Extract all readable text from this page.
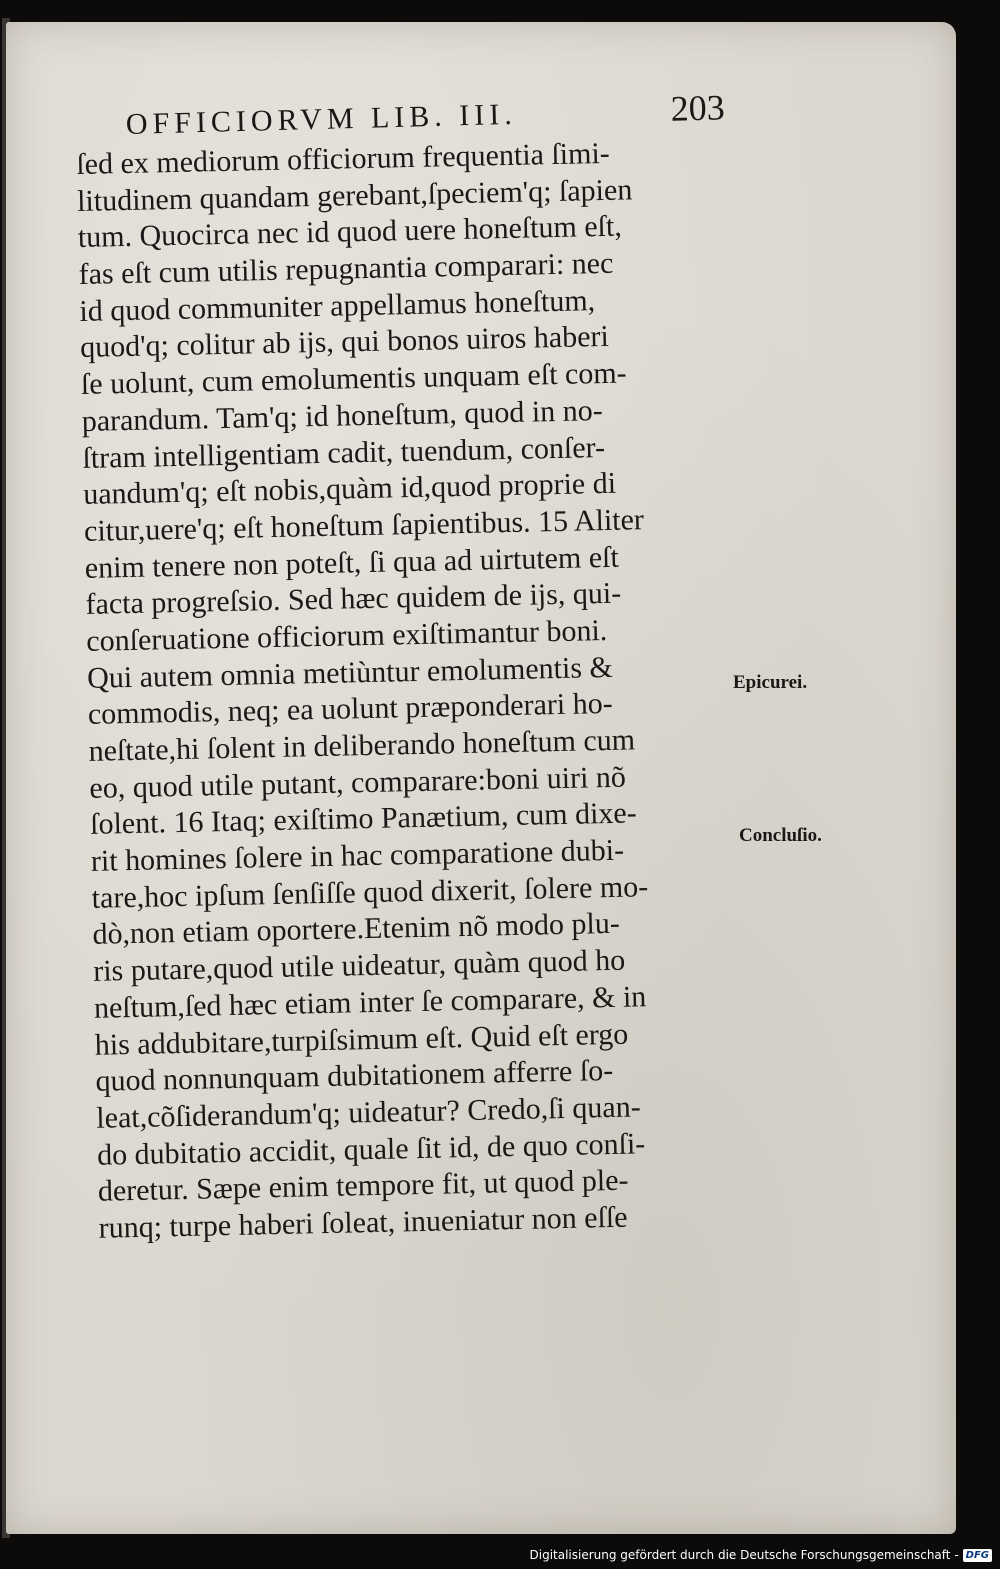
OFFICIORVM LIB. III.	203
ſed ex mediorum officiorum frequentia ſimi-
litudinem quandam gerebant,ſpeciem'q; ſapien
tum. Quocirca nec id quod uere honeſtum eſt,
fas eſt cum utilis repugnantia comparari: nec
id quod communiter appellamus honeſtum,
quod'q; colitur ab ijs, qui bonos uiros haberi
ſe uolunt, cum emolumentis unquam eſt com-
parandum. Tam'q; id honeſtum, quod in no-
ſtram intelligentiam cadit, tuendum, conſer-
uandum'q; eſt nobis,quàm id,quod proprie di
citur,uere'q; eſt honeſtum ſapientibus. 15 Aliter
enim tenere non poteſt, ſi qua ad uirtutem eſt
facta progreſsio. Sed hæc quidem de ijs, qui-
conſeruatione officiorum exiſtimantur boni.
Qui autem omnia metiùntur emolumentis &
commodis, neq; ea uolunt præponderari ho-
neſtate,hi ſolent in deliberando honeſtum cum
eo, quod utile putant, comparare:boni uiri nõ
ſolent. 16 Itaq; exiſtimo Panætium, cum dixe-
rit homines ſolere in hac comparatione dubi-
tare,hoc ipſum ſenſiſſe quod dixerit, ſolere mo-
dò,non etiam oportere.Etenim nõ modo plu-
ris putare,quod utile uideatur, quàm quod ho
neſtum,ſed hæc etiam inter ſe comparare, & in
his addubitare,turpiſsimum eſt. Quid eſt ergo
quod nonnunquam dubitationem afferre ſo-
leat,cõſiderandum'q; uideatur? Credo,ſi quan-
do dubitatio accidit, quale ſit id, de quo conſi-
deretur. Sæpe enim tempore fit, ut quod ple-
runq; turpe haberi ſoleat, inueniatur non eſſe
Epicurei.
Concluſio.
Digitalisierung gefördert durch die Deutsche Forschungsgemeinschaft - DFG
